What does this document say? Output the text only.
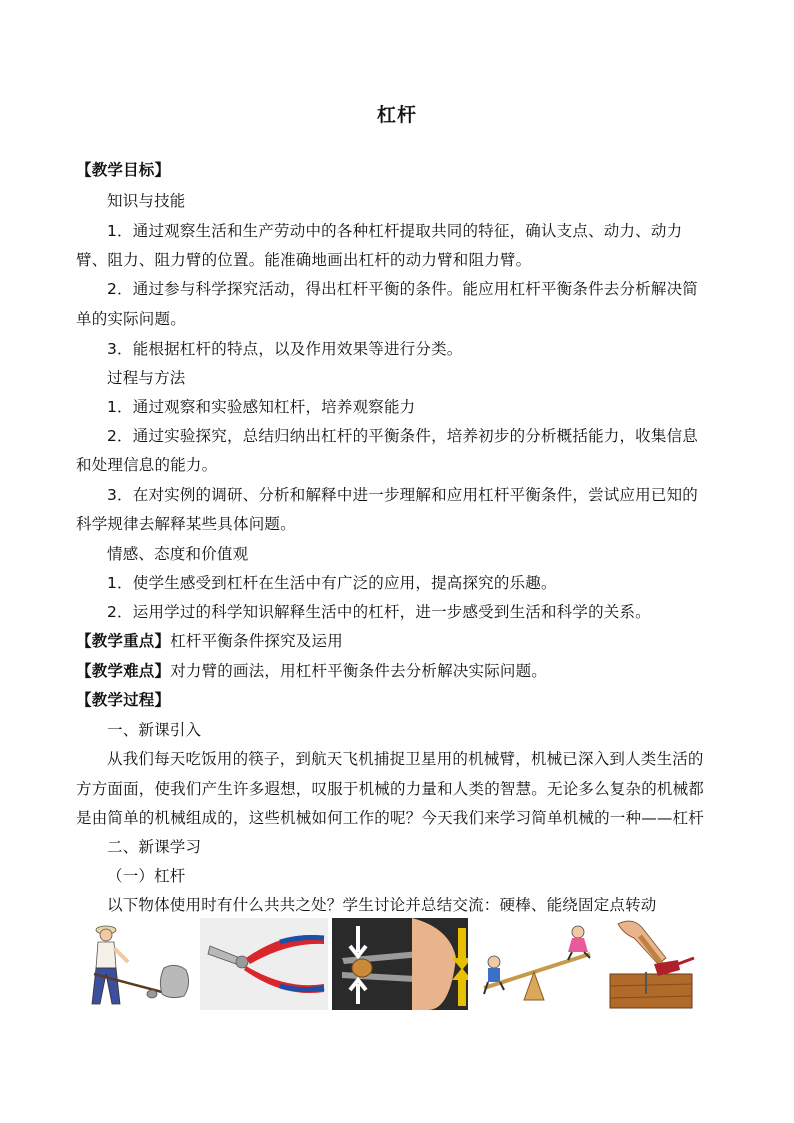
杠杆
【教学目标】
知识与技能
1．通过观察生活和生产劳动中的各种杠杆提取共同的特征，确认支点、动力、动力
臂、阻力、阻力臂的位置。能准确地画出杠杆的动力臂和阻力臂。
2．通过参与科学探究活动，得出杠杆平衡的条件。能应用杠杆平衡条件去分析解决简
单的实际问题。
3．能根据杠杆的特点，以及作用效果等进行分类。
过程与方法
1．通过观察和实验感知杠杆，培养观察能力
2．通过实验探究，总结归纳出杠杆的平衡条件，培养初步的分析概括能力，收集信息
和处理信息的能力。
3．在对实例的调研、分析和解释中进一步理解和应用杠杆平衡条件，尝试应用已知的
科学规律去解释某些具体问题。
情感、态度和价值观
1．使学生感受到杠杆在生活中有广泛的应用，提高探究的乐趣。
2．运用学过的科学知识解释生活中的杠杆，进一步感受到生活和科学的关系。
【教学重点】杠杆平衡条件探究及运用
【教学难点】对力臂的画法，用杠杆平衡条件去分析解决实际问题。
【教学过程】
一、新课引入
从我们每天吃饭用的筷子，到航天飞机捕捉卫星用的机械臂，机械已深入到人类生活的
方方面面，使我们产生许多遐想，叹服于机械的力量和人类的智慧。无论多么复杂的机械都
是由简单的机械组成的，这些机械如何工作的呢？今天我们来学习简单机械的一种——杠杆
二、新课学习
（一）杠杆
以下物体使用时有什么共共之处？学生讨论并总结交流：硬棒、能绕固定点转动
